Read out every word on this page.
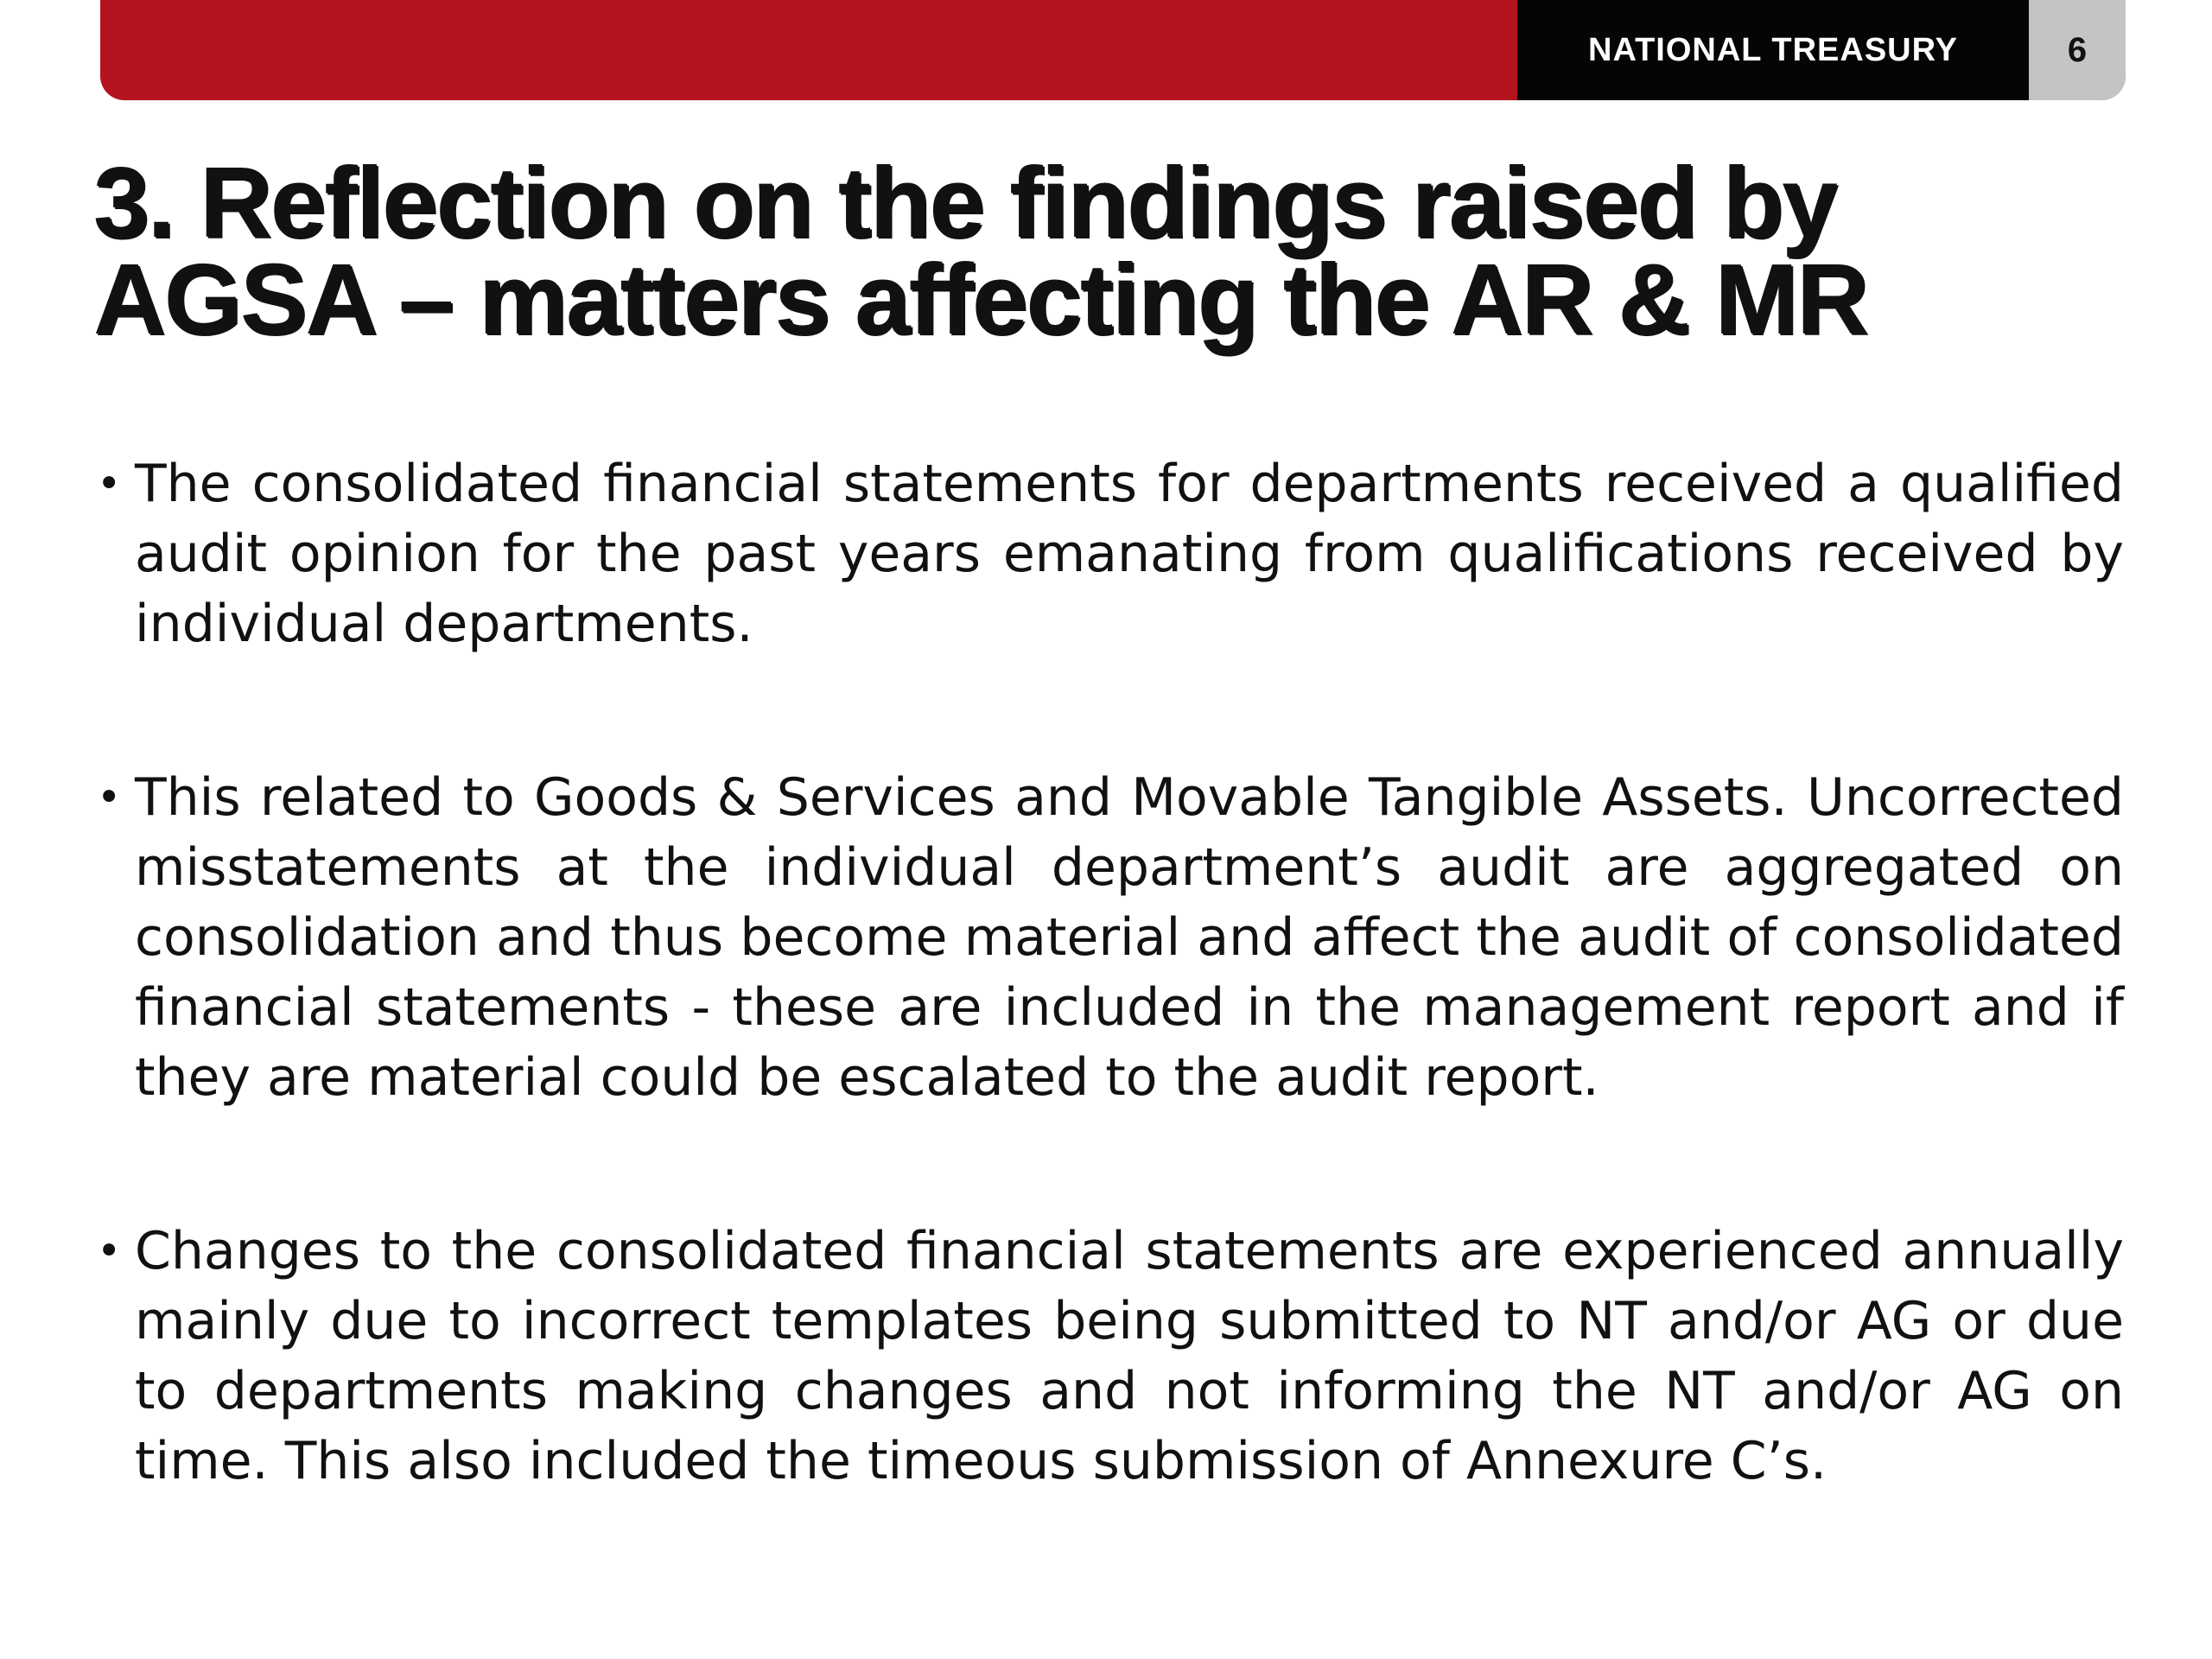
NATIONAL TREASURY	6
3. Reflection on the findings raised by
AGSA – matters affecting the AR & MR
• The consolidated financial statements for departments received a qualified audit opinion for the past years emanating from qualifications received by individual departments.
• This related to Goods & Services and Movable Tangible Assets. Uncorrected misstatements at the individual department’s audit are aggregated on consolidation and thus become material and affect the audit of consolidated financial statements - these are included in the management report and if they are material could be escalated to the audit report.
• Changes to the consolidated financial statements are experienced annually mainly due to incorrect templates being submitted to NT and/or AG or due to departments making changes and not informing the NT and/or AG on time. This also included the timeous submission of Annexure C’s.
